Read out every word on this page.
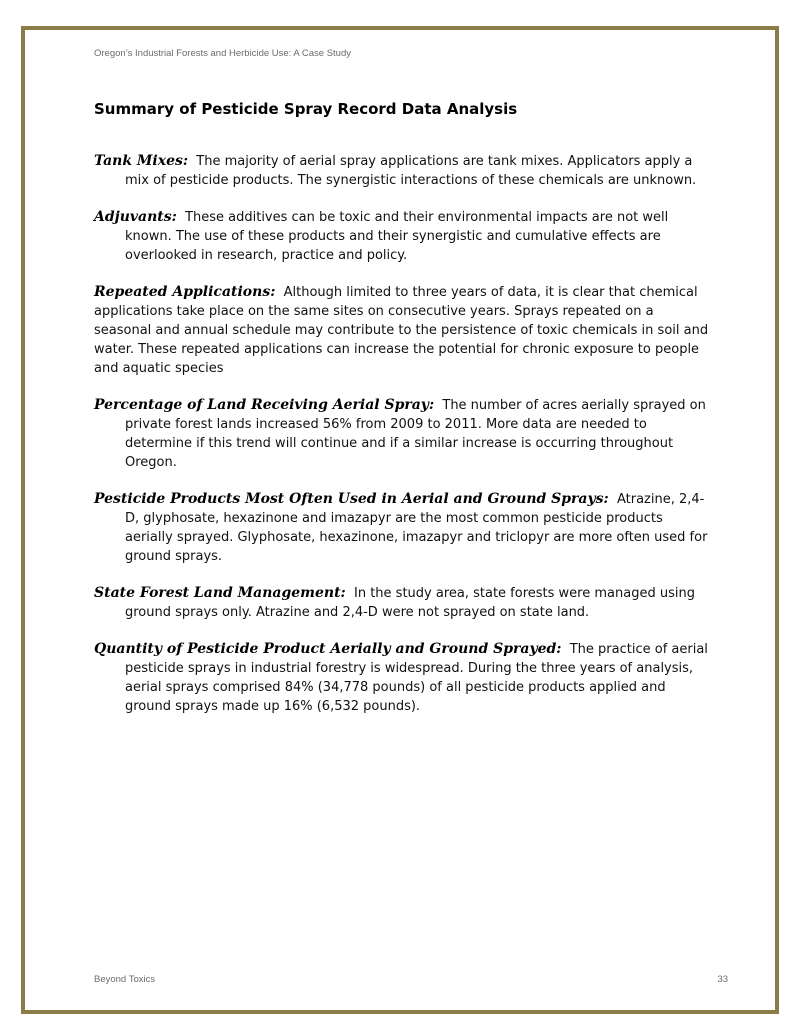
Oregon’s Industrial Forests and Herbicide Use: A Case Study
Summary of Pesticide Spray Record Data Analysis

Tank Mixes: The majority of aerial spray applications are tank mixes. Applicators apply a mix of pesticide products. The synergistic interactions of these chemicals are unknown.

Adjuvants: These additives can be toxic and their environmental impacts are not well known. The use of these products and their synergistic and cumulative effects are overlooked in research, practice and policy.

Repeated Applications: Although limited to three years of data, it is clear that chemical applications take place on the same sites on consecutive years. Sprays repeated on a seasonal and annual schedule may contribute to the persistence of toxic chemicals in soil and water. These repeated applications can increase the potential for chronic exposure to people and aquatic species

Percentage of Land Receiving Aerial Spray: The number of acres aerially sprayed on private forest lands increased 56% from 2009 to 2011. More data are needed to determine if this trend will continue and if a similar increase is occurring throughout Oregon.

Pesticide Products Most Often Used in Aerial and Ground Sprays: Atrazine, 2,4-D, glyphosate, hexazinone and imazapyr are the most common pesticide products aerially sprayed. Glyphosate, hexazinone, imazapyr and triclopyr are more often used for ground sprays.

State Forest Land Management: In the study area, state forests were managed using ground sprays only. Atrazine and 2,4-D were not sprayed on state land.

Quantity of Pesticide Product Aerially and Ground Sprayed: The practice of aerial pesticide sprays in industrial forestry is widespread. During the three years of analysis, aerial sprays comprised 84% (34,778 pounds) of all pesticide products applied and ground sprays made up 16% (6,532 pounds).

Beyond Toxics	33
